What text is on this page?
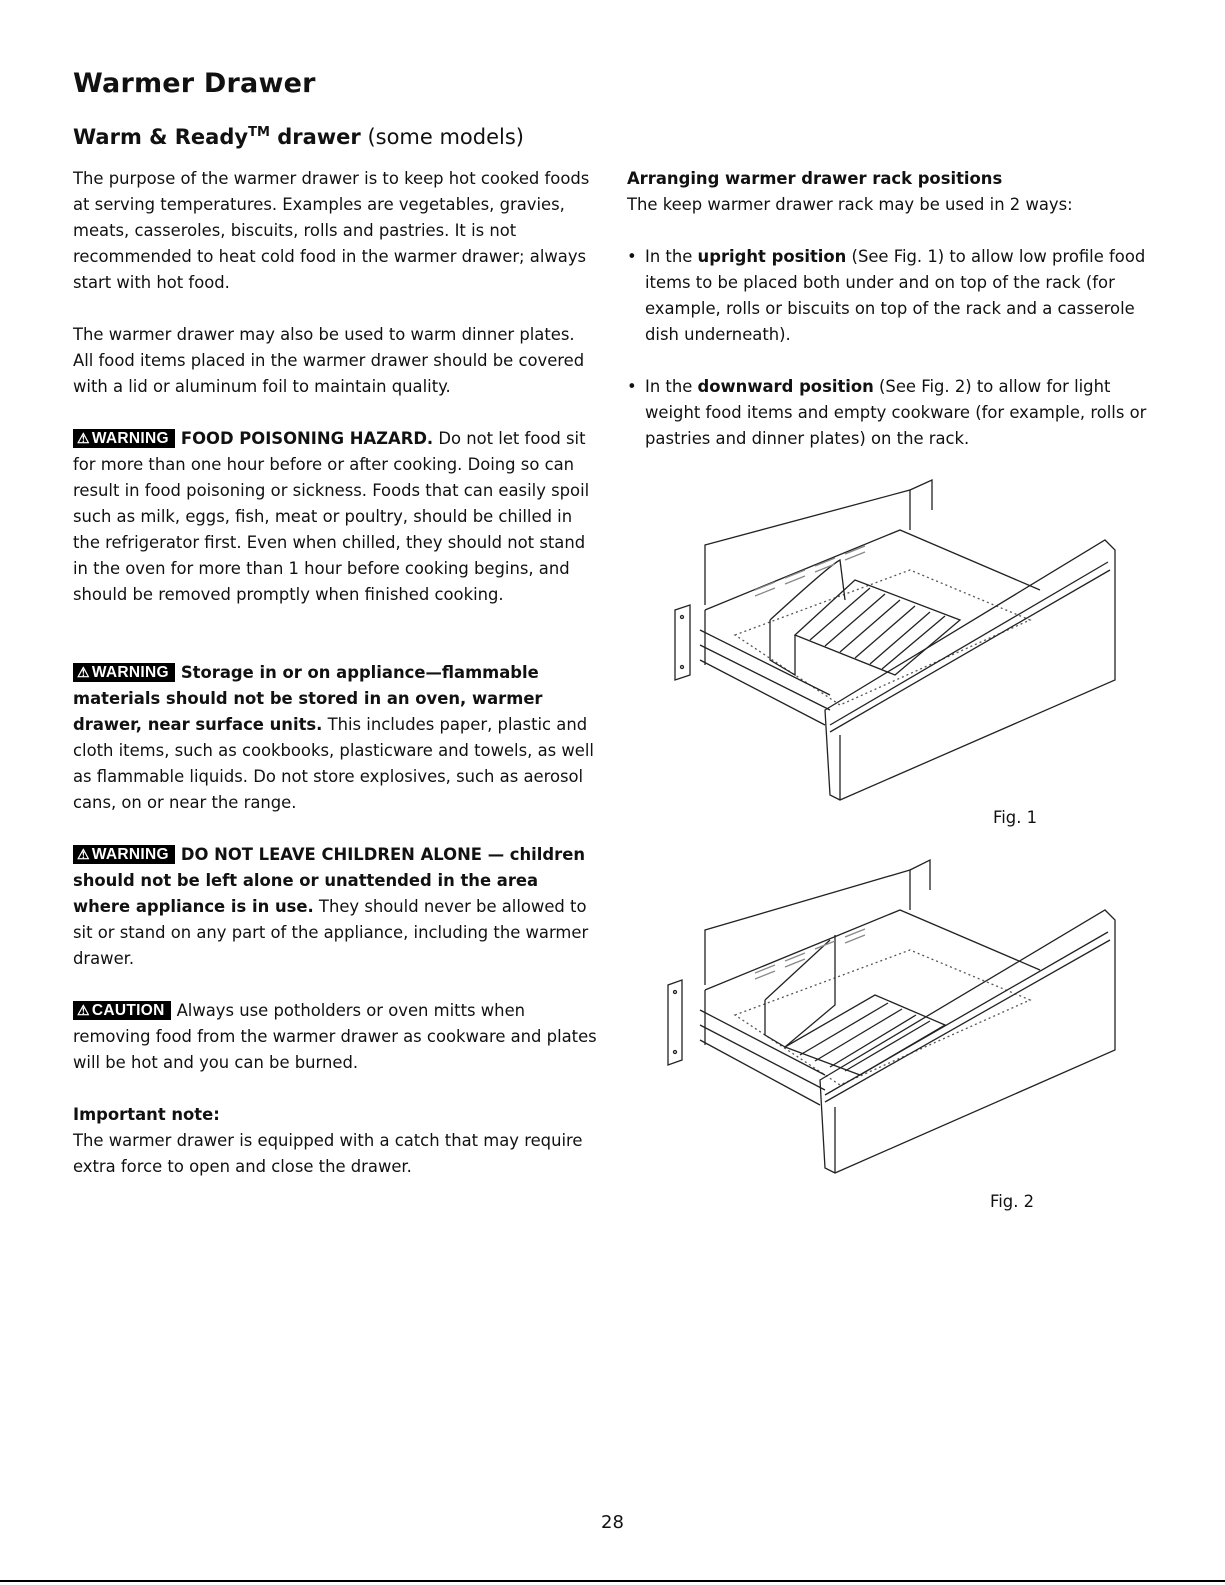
Warmer Drawer
Warm & Ready™ drawer (some models)

The purpose of the warmer drawer is to keep hot cooked foods at serving temperatures. Examples are vegetables, gravies, meats, casseroles, biscuits, rolls and pastries. It is not recommended to heat cold food in the warmer drawer; always start with hot food.

The warmer drawer may also be used to warm dinner plates. All food items placed in the warmer drawer should be covered with a lid or aluminum foil to maintain quality.

⚠ WARNING FOOD POISONING HAZARD. Do not let food sit for more than one hour before or after cooking. Doing so can result in food poisoning or sickness. Foods that can easily spoil such as milk, eggs, fish, meat or poultry, should be chilled in the refrigerator first. Even when chilled, they should not stand in the oven for more than 1 hour before cooking begins, and should be removed promptly when finished cooking.

⚠ WARNING Storage in or on appliance—flammable materials should not be stored in an oven, warmer drawer, near surface units. This includes paper, plastic and cloth items, such as cookbooks, plasticware and towels, as well as flammable liquids. Do not store explosives, such as aerosol cans, on or near the range.

⚠ WARNING DO NOT LEAVE CHILDREN ALONE — children should not be left alone or unattended in the area where appliance is in use. They should never be allowed to sit or stand on any part of the appliance, including the warmer drawer.

⚠ CAUTION Always use potholders or oven mitts when removing food from the warmer drawer as cookware and plates will be hot and you can be burned.

Important note:

The warmer drawer is equipped with a catch that may require extra force to open and close the drawer.

Arranging warmer drawer rack positions

The keep warmer drawer rack may be used in 2 ways:

• In the upright position (See Fig. 1) to allow low profile food items to be placed both under and on top of the rack (for example, rolls or biscuits on top of the rack and a casserole dish underneath).
• In the downward position (See Fig. 2) to allow for light weight food items and empty cookware (for example, rolls or pastries and dinner plates) on the rack.
Fig. 1
Fig. 2
28
